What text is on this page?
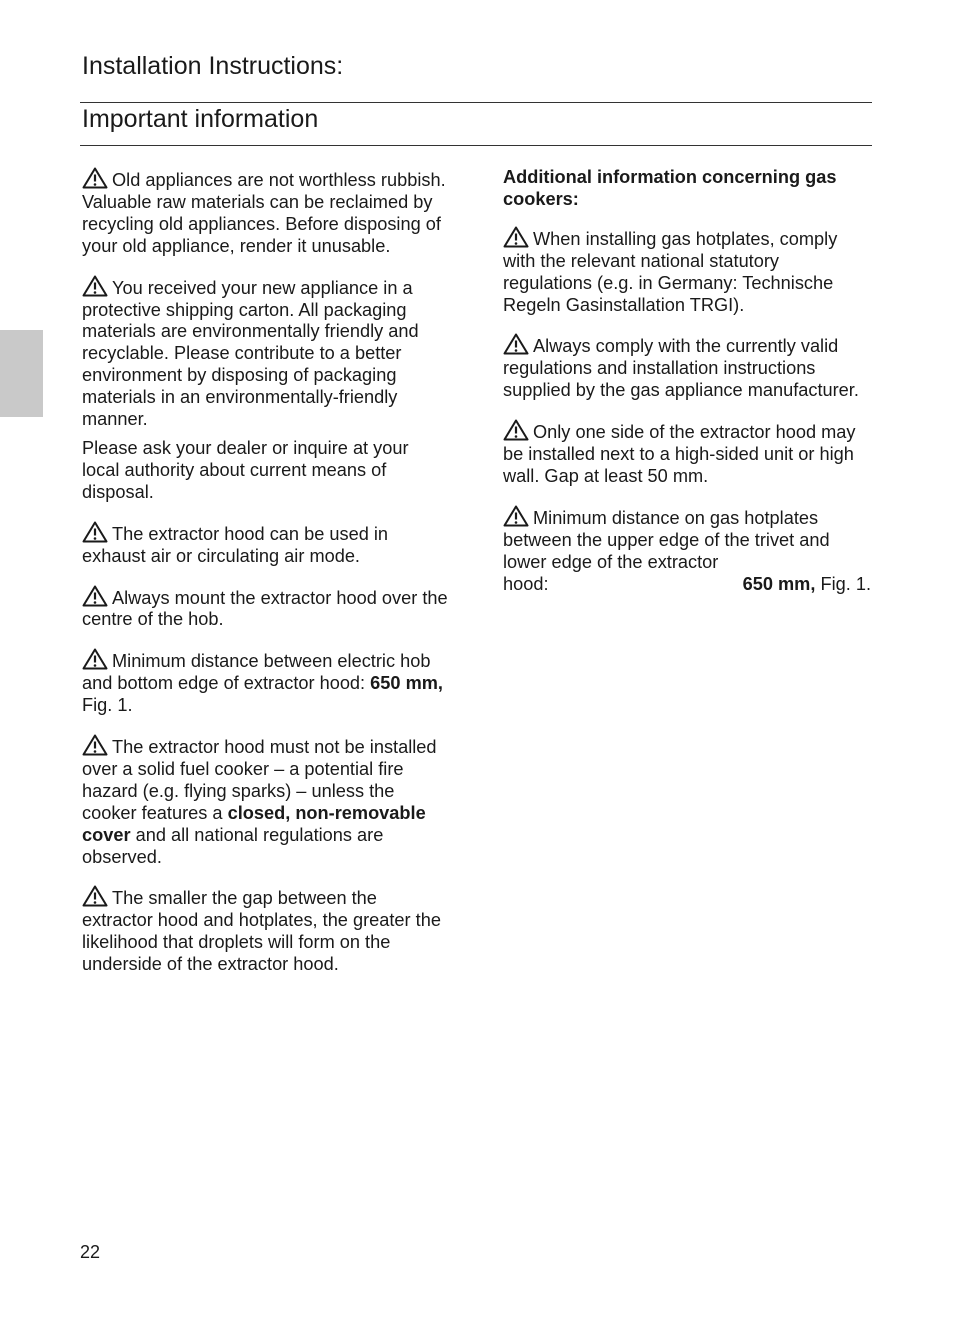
Installation Instructions:
Important information

Old appliances are not worthless rubbish. Valuable raw materials can be reclaimed by recycling old appliances. Before disposing of your old appliance, render it unusable.

You received your new appliance in a protective shipping carton. All packaging materials are environmentally friendly and recyclable. Please contribute to a better environment by disposing of packaging materials in an environmentally-friendly manner.

Please ask your dealer or inquire at your local authority about current means of disposal.

The extractor hood can be used in exhaust air or circulating air mode.

Always mount the extractor hood over the centre of the hob.

Minimum distance between electric hob and bottom edge of extractor hood: 650 mm, Fig. 1.

The extractor hood must not be installed over a solid fuel cooker – a potential fire hazard (e.g. flying sparks) – unless the cooker features a closed, non-removable cover and all national regulations are observed.

The smaller the gap between the extractor hood and hotplates, the greater the likelihood that droplets will form on the underside of the extractor hood.

Additional information concerning gas cookers:

When installing gas hotplates, comply with the relevant national statutory regulations (e.g. in Germany: Technische Regeln Gasinstallation TRGI).

Always comply with the currently valid regulations and installation instructions supplied by the gas appliance manufacturer.

Only one side of the extractor hood may be installed next to a high-sided unit or high wall. Gap at least 50 mm.

Minimum distance on gas hotplates between the upper edge of the trivet and lower edge of the extractor
hood:	650 mm, Fig. 1.
22
